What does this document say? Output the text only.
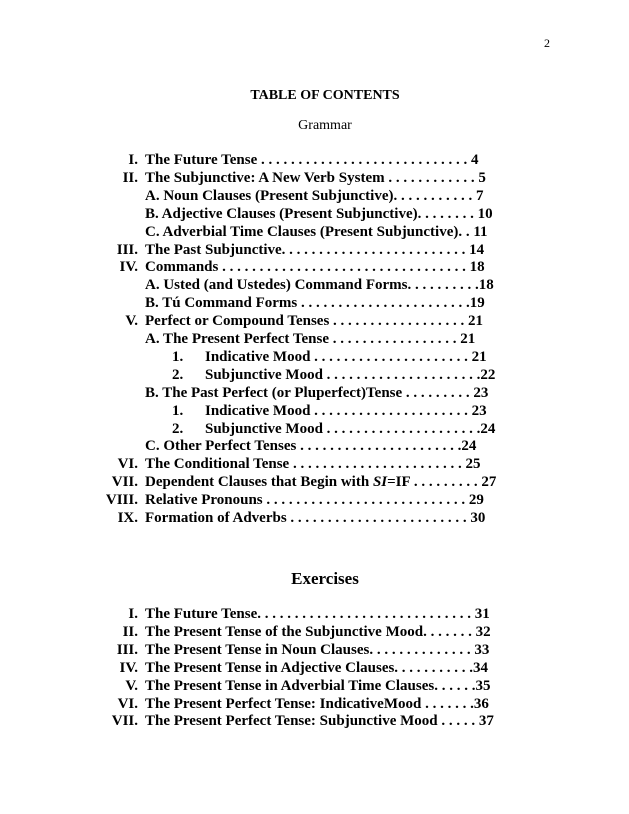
2
TABLE OF CONTENTS
Grammar
I. The Future Tense . . . . . . . . . . . . . . . . . . . . . . . . . . . . 4
II. The Subjunctive: A New Verb System . . . . . . . . . . . . 5
A. Noun Clauses (Present Subjunctive). . . . . . . . . . . 7
B. Adjective Clauses (Present Subjunctive). . . . . . . . 10
C. Adverbial Time Clauses (Present Subjunctive). . 11
III. The Past Subjunctive. . . . . . . . . . . . . . . . . . . . . . . . . 14
IV. Commands . . . . . . . . . . . . . . . . . . . . . . . . . . . . . . . . . 18
A. Usted (and Ustedes) Command Forms. . . . . . . . . .18
B. Tú Command Forms . . . . . . . . . . . . . . . . . . . . . . .19
V. Perfect or Compound Tenses . . . . . . . . . . . . . . . . . . 21
A. The Present Perfect Tense . . . . . . . . . . . . . . . . . 21
1. Indicative Mood . . . . . . . . . . . . . . . . . . . . . 21
2. Subjunctive Mood . . . . . . . . . . . . . . . . . . . . .22
B. The Past Perfect (or Pluperfect)Tense . . . . . . . . . 23
1. Indicative Mood . . . . . . . . . . . . . . . . . . . . . 23
2. Subjunctive Mood . . . . . . . . . . . . . . . . . . . . .24
C. Other Perfect Tenses . . . . . . . . . . . . . . . . . . . . . .24
VI. The Conditional Tense . . . . . . . . . . . . . . . . . . . . . . . 25
VII. Dependent Clauses that Begin with SI=IF . . . . . . . . . 27
VIII. Relative Pronouns . . . . . . . . . . . . . . . . . . . . . . . . . . . 29
IX. Formation of Adverbs . . . . . . . . . . . . . . . . . . . . . . . . 30
Exercises
I. The Future Tense. . . . . . . . . . . . . . . . . . . . . . . . . . . . . 31
II. The Present Tense of the Subjunctive Mood. . . . . . . 32
III. The Present Tense in Noun Clauses. . . . . . . . . . . . . . 33
IV. The Present Tense in Adjective Clauses. . . . . . . . . . .34
V. The Present Tense in Adverbial Time Clauses. . . . . .35
VI. The Present Perfect Tense: IndicativeMood . . . . . . .36
VII. The Present Perfect Tense: Subjunctive Mood . . . . . 37
